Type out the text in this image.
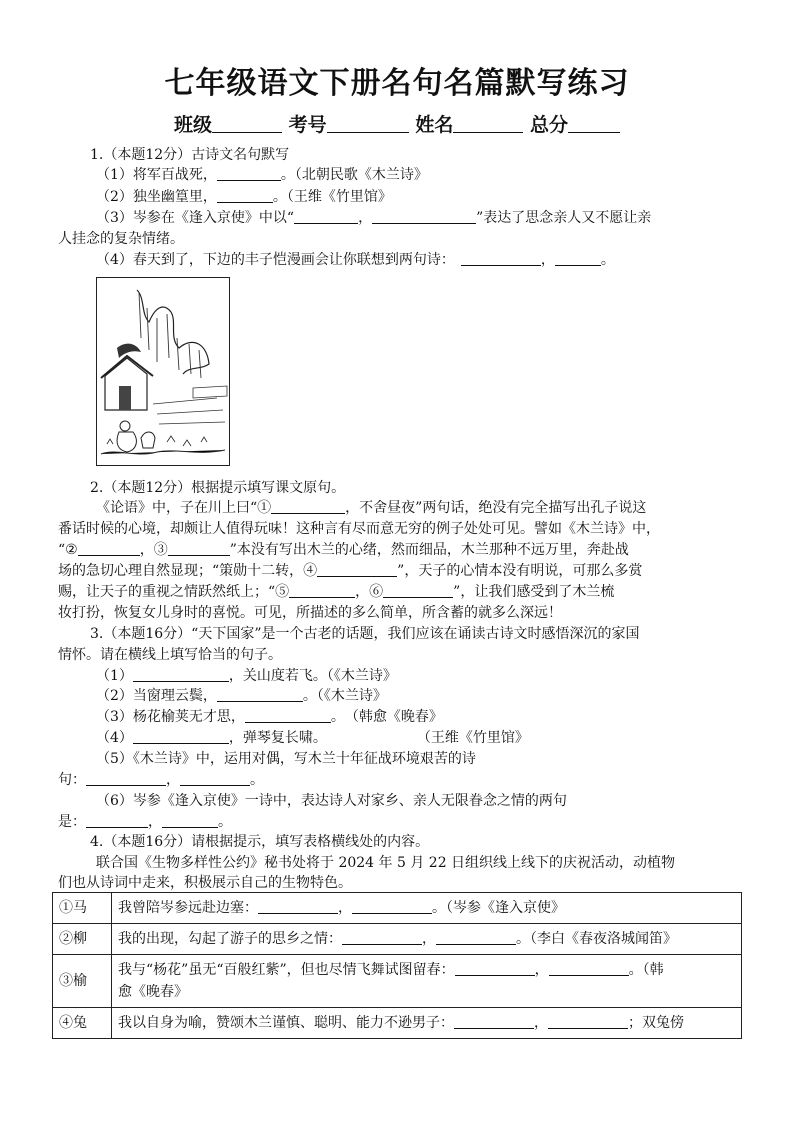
七年级语文下册名句名篇默写练习
班级	考号	姓名	总分
1.（本题12分）古诗文名句默写
（1）将军百战死，	。（北朝民歌《木兰诗》
（2）独坐幽篁里，	。（王维《竹里馆》
（3）岑参在《逢入京使》中以“	，	”表达了思念亲人又不愿让亲
人挂念的复杂情绪。
（4）春天到了，下边的丰子恺漫画会让你联想到两句诗：	，	。
2.（本题12分）根据提示填写课文原句。
《论语》中，子在川上曰“①	，不舍昼夜”两句话，绝没有完全描写出孔子说这
番话时候的心境，却颇让人值得玩味！这种言有尽而意无穷的例子处处可见。譬如《木兰诗》中，
“②	，③	”本没有写出木兰的心绪，然而细品，木兰那种不远万里，奔赴战
场的急切心理自然显现；“策勋十二转，④	”，天子的心情本没有明说，可那么多赏
赐，让天子的重视之情跃然纸上；“⑤	，⑥	”，让我们感受到了木兰梳
妆打扮，恢复女儿身时的喜悦。可见，所描述的多么简单，所含蓄的就多么深远！
3.（本题16分）“天下国家”是一个古老的话题，我们应该在诵读古诗文时感悟深沉的家国
情怀。请在横线上填写恰当的句子。
（1）	，关山度若飞。（《木兰诗》
（2）当窗理云鬓，	。（《木兰诗》
（3）杨花榆荚无才思，	。　（韩愈《晚春》
（4）	，弹琴复长啸。	（王维《竹里馆》
（5）《木兰诗》中，运用对偶，写木兰十年征战环境艰苦的诗
句：	，	。
（6）岑参《逢入京使》一诗中，表达诗人对家乡、亲人无限眷念之情的两句
是：	，	。
4.（本题16分）请根据提示，填写表格横线处的内容。
联合国《生物多样性公约》秘书处将于 2024 年 5 月 22 日组织线上线下的庆祝活动，动植物
们也从诗词中走来，积极展示自己的生物特色。
①马	我曾陪岑参远赴边塞： ， 。（岑参《逢入京使》
②柳	我的出现，勾起了游子的思乡之情： ， 。（李白《春夜洛城闻笛》
③榆	我与“杨花”虽无“百般红紫”，但也尽情飞舞试图留春： ， 。（韩
愈《晚春》
④兔	我以自身为喻，赞颂木兰谨慎、聪明、能力不逊男子： ， ；双兔傍
